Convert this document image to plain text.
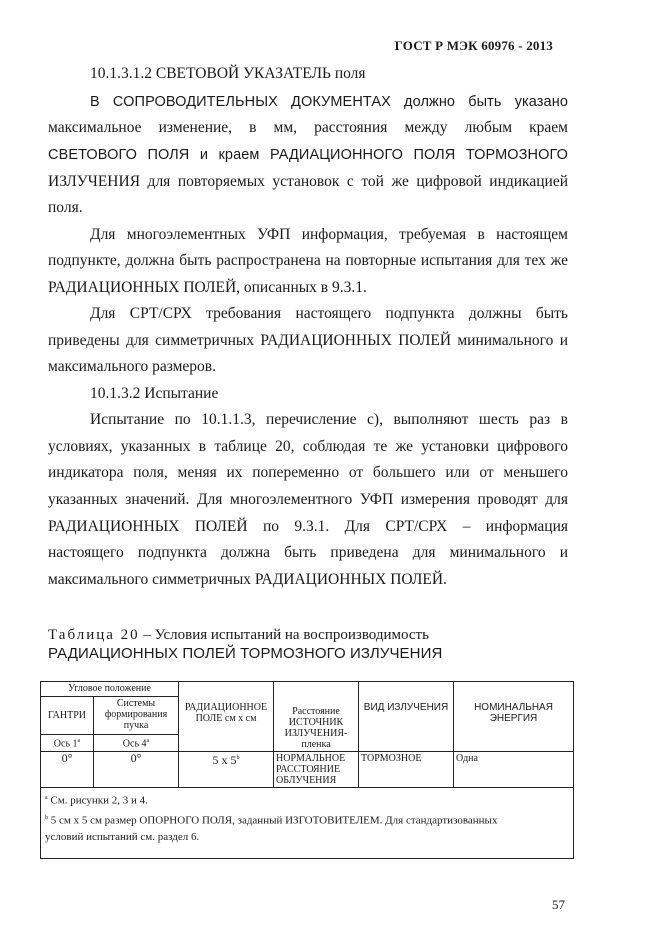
ГОСТ Р МЭК 60976 - 2013
10.1.3.1.2 СВЕТОВОЙ УКАЗАТЕЛЬ поля
В СОПРОВОДИТЕЛЬНЫХ ДОКУМЕНТАХ должно быть указано
максимальное изменение, в мм, расстояния между любым краем
СВЕТОВОГО ПОЛЯ и краем РАДИАЦИОННОГО ПОЛЯ ТОРМОЗНОГО
ИЗЛУЧЕНИЯ для повторяемых установок с той же цифровой индикацией
поля.
Для многоэлементных УФП информация, требуемая в настоящем
подпункте, должна быть распространена на повторные испытания для тех же
РАДИАЦИОННЫХ ПОЛЕЙ, описанных в 9.3.1.
Для СРТ/СРХ требования настоящего подпункта должны быть
приведены для симметричных РАДИАЦИОННЫХ ПОЛЕЙ минимального и
максимального размеров.
10.1.3.2 Испытание
Испытание по 10.1.1.3, перечисление с), выполняют шесть раз в
условиях, указанных в таблице 20, соблюдая те же установки цифрового
индикатора поля, меняя их попеременно от большего или от меньшего
указанных значений. Для многоэлементного УФП измерения проводят для
РАДИАЦИОННЫХ ПОЛЕЙ по 9.3.1. Для СРТ/СРХ – информация
настоящего подпункта должна быть приведена для минимального и
максимального симметричных РАДИАЦИОННЫХ ПОЛЕЙ.
Таблица 20 – Условия испытаний на воспроизводимость
РАДИАЦИОННЫХ ПОЛЕЙ ТОРМОЗНОГО ИЗЛУЧЕНИЯ
Угловое положение		РАДИАЦИОННОЕ ПОЛЕ см х см	Расстояние ИСТОЧНИК ИЗЛУЧЕНИЯ-пленка	ВИД ИЗЛУЧЕНИЯ	НОМИНАЛЬНАЯ ЭНЕРГИЯ
ГАНТРИ	Системы формирования пучка				
Ось 1$^a$	Ось 4$^a$
0°	0°	5 х 5$^b$	НОРМАЛЬНОЕ РАССТОЯНИЕ ОБЛУЧЕНИЯ	ТОРМОЗНОЕ	Одна

$^a$ См. рисунки 2, 3 и 4.
$^b$ 5 см х 5 см размер ОПОРНОГО ПОЛЯ, заданный ИЗГОТОВИТЕЛЕМ. Для стандартизованных
условий испытаний см. раздел 6.					
57
